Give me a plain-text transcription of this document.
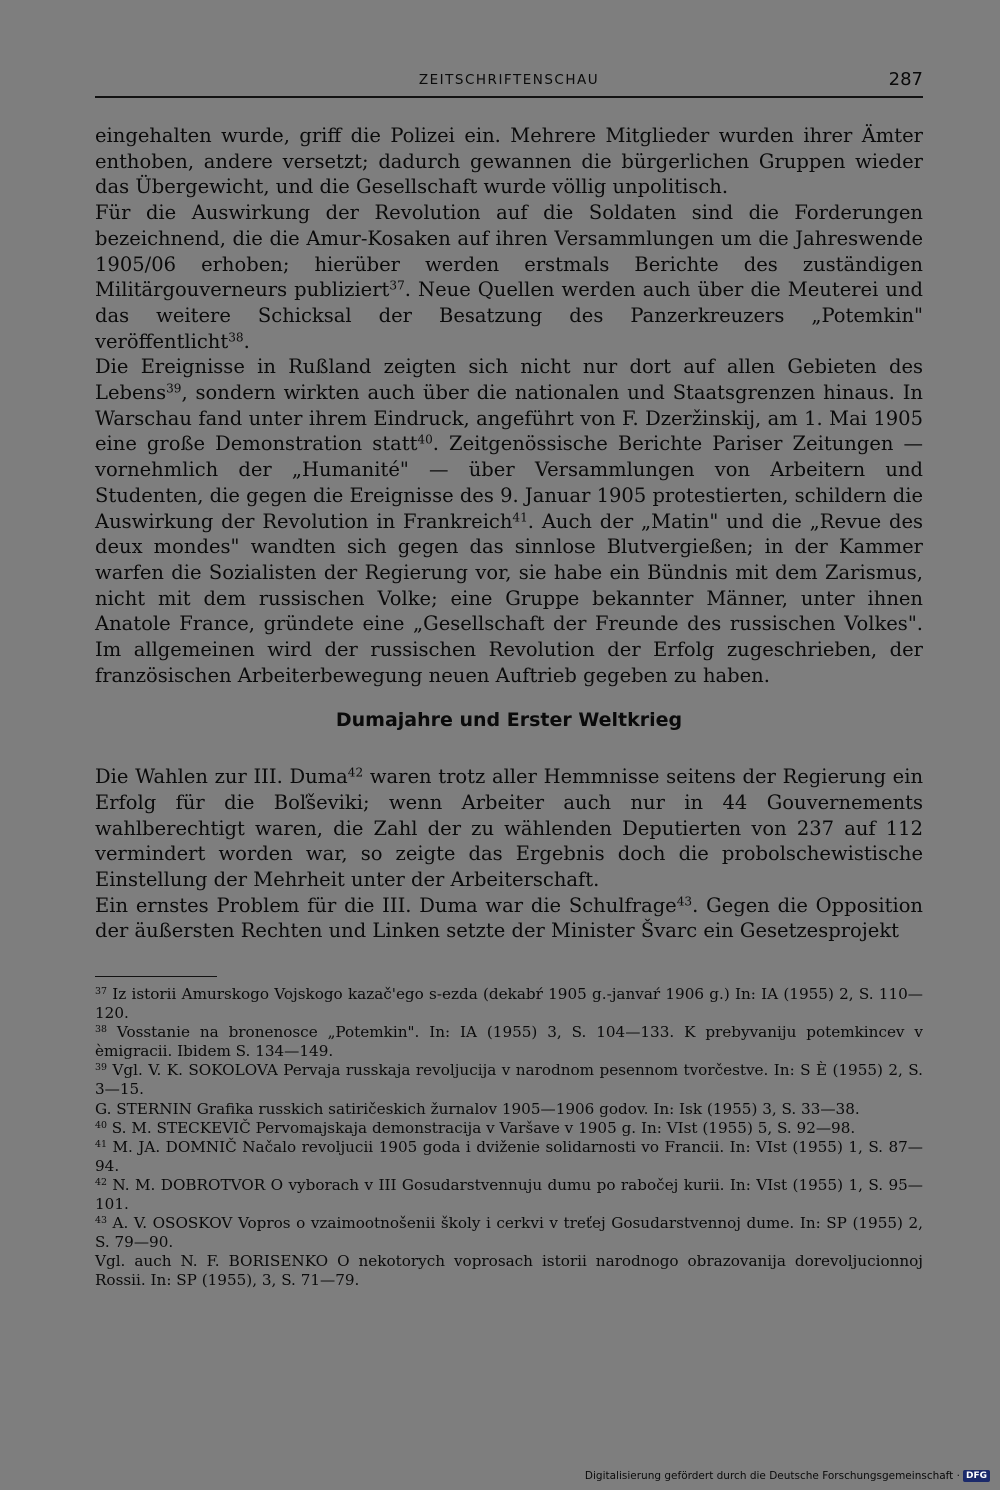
ZEITSCHRIFTENSCHAU	287

eingehalten wurde, griff die Polizei ein. Mehrere Mitglieder wurden ihrer Ämter enthoben, andere versetzt; dadurch gewannen die bürgerlichen Gruppen wieder das Übergewicht, und die Gesellschaft wurde völlig unpolitisch.

Für die Auswirkung der Revolution auf die Soldaten sind die Forderungen bezeichnend, die die Amur-Kosaken auf ihren Versammlungen um die Jahreswende 1905/06 erhoben; hierüber werden erstmals Berichte des zuständigen Militärgouverneurs publiziert$^{37}$. Neue Quellen werden auch über die Meuterei und das weitere Schicksal der Besatzung des Panzerkreuzers „Potemkin" veröffentlicht$^{38}$.

Die Ereignisse in Rußland zeigten sich nicht nur dort auf allen Gebieten des Lebens$^{39}$, sondern wirkten auch über die nationalen und Staatsgrenzen hinaus. In Warschau fand unter ihrem Eindruck, angeführt von F. Dzeržinskij, am 1. Mai 1905 eine große Demonstration statt$^{40}$. Zeitgenössische Berichte Pariser Zeitungen — vornehmlich der „Humanité" — über Versammlungen von Arbeitern und Studenten, die gegen die Ereignisse des 9. Januar 1905 protestierten, schildern die Auswirkung der Revolution in Frankreich$^{41}$. Auch der „Matin" und die „Revue des deux mondes" wandten sich gegen das sinnlose Blutvergießen; in der Kammer warfen die Sozialisten der Regierung vor, sie habe ein Bündnis mit dem Zarismus, nicht mit dem russischen Volke; eine Gruppe bekannter Männer, unter ihnen Anatole France, gründete eine „Gesellschaft der Freunde des russischen Volkes". Im allgemeinen wird der russischen Revolution der Erfolg zugeschrieben, der französischen Arbeiterbewegung neuen Auftrieb gegeben zu haben.

Dumajahre und Erster Weltkrieg

Die Wahlen zur III. Duma$^{42}$ waren trotz aller Hemmnisse seitens der Regierung ein Erfolg für die Boľševiki; wenn Arbeiter auch nur in 44 Gouvernements wahlberechtigt waren, die Zahl der zu wählenden Deputierten von 237 auf 112 vermindert worden war, so zeigte das Ergebnis doch die probolschewistische Einstellung der Mehrheit unter der Arbeiterschaft.

Ein ernstes Problem für die III. Duma war die Schulfrage$^{43}$. Gegen die Opposition der äußersten Rechten und Linken setzte der Minister Švarc ein Gesetzesprojekt

$^{37}$ Iz istorii Amurskogo Vojskogo kazač'ego s-ezda (dekabŕ 1905 g.-janvaŕ 1906 g.) In: IA (1955) 2, S. 110—120.

$^{38}$ Vosstanie na bronenosce „Potemkin". In: IA (1955) 3, S. 104—133. K prebyvaniju potemkincev v èmigracii. Ibidem S. 134—149.

$^{39}$ Vgl. V. K. SOKOLOVA Pervaja russkaja revoljucija v narodnom pesennom tvorčestve. In: S È (1955) 2, S. 3—15.

G. STERNIN Grafika russkich satiričeskich žurnalov 1905—1906 godov. In: Isk (1955) 3, S. 33—38.

$^{40}$ S. M. STECKEVIČ Pervomajskaja demonstracija v Varšave v 1905 g. In: VIst (1955) 5, S. 92—98.

$^{41}$ M. JA. DOMNIČ Načalo revoljucii 1905 goda i dviženie solidarnosti vo Francii. In: VIst (1955) 1, S. 87—94.

$^{42}$ N. M. DOBROTVOR O vyborach v III Gosudarstvennuju dumu po rabočej kurii. In: VIst (1955) 1, S. 95—101.

$^{43}$ A. V. OSOSKOV Vopros o vzaimootnošenii školy i cerkvi v treťej Gosudarstvennoj dume. In: SP (1955) 2, S. 79—90.

Vgl. auch N. F. BORISENKO O nekotorych voprosach istorii narodnogo obrazovanija dorevoljucionnoj Rossii. In: SP (1955), 3, S. 71—79.

Digitalisierung gefördert durch die Deutsche Forschungsgemeinschaft · DFG
